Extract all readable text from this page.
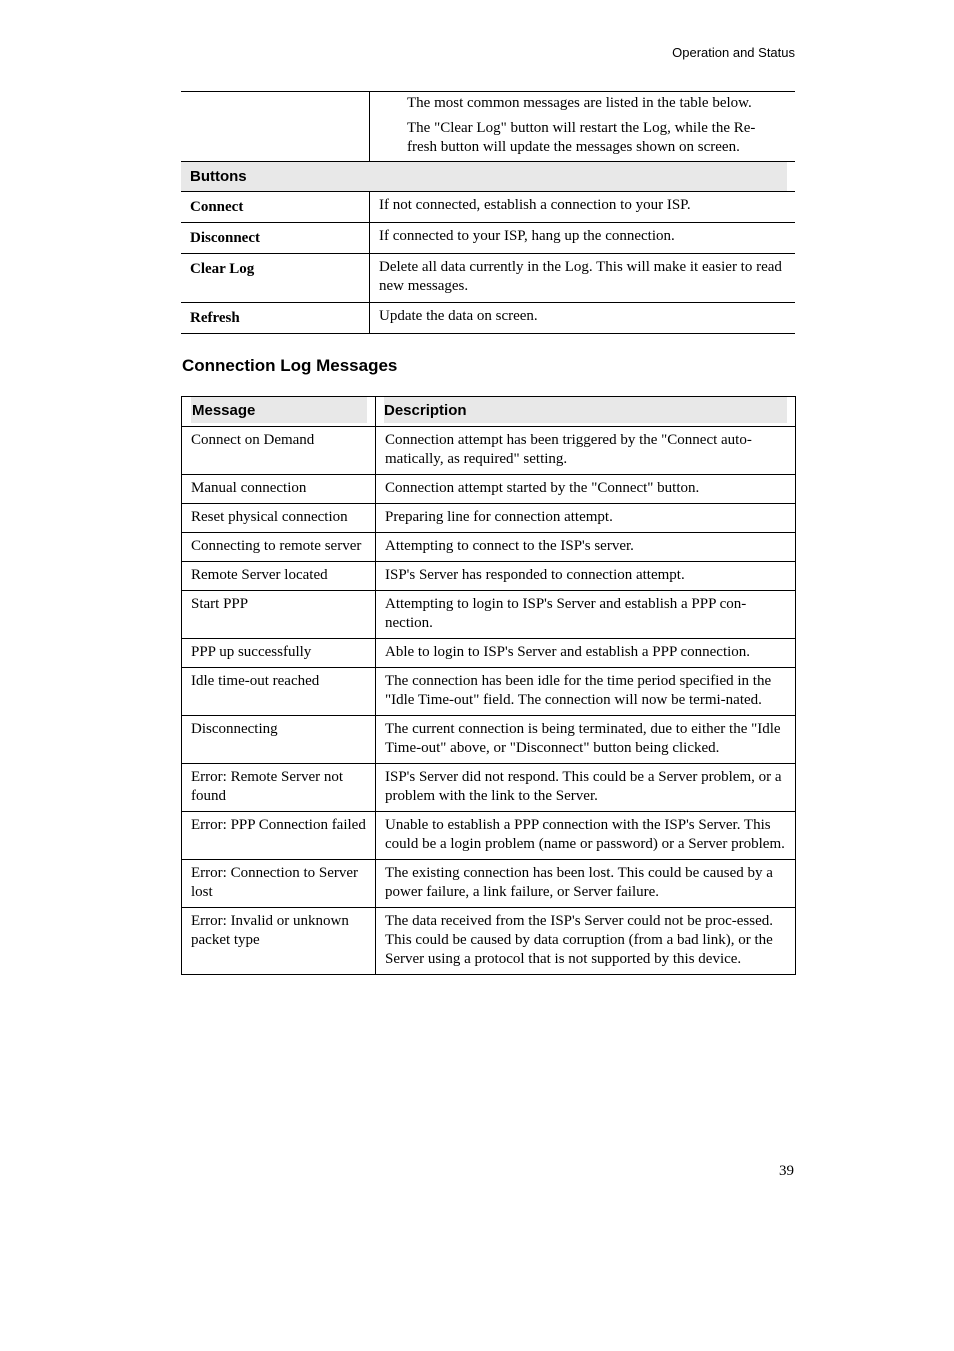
Operation and Status

	The most common messages are listed in the table below.

The "Clear Log" button will restart the Log, while the Re-fresh button will update the messages shown on screen.

Buttons	

Connect	If not connected, establish a connection to your ISP.
Disconnect	If connected to your ISP, hang up the connection.
Clear Log	Delete all data currently in the Log. This will make it easier to read new messages.
Refresh	Update the data on screen.
Connection Log Messages
Message	Description

Connect on Demand	Connection attempt has been triggered by the "Connect auto-matically, as required" setting.
Manual connection	Connection attempt started by the "Connect" button.
Reset physical connection	Preparing line for connection attempt.
Connecting to remote server	Attempting to connect to the ISP's server.
Remote Server located	ISP's Server has responded to connection attempt.
Start PPP	Attempting to login to ISP's Server and establish a PPP con-nection.
PPP up successfully	Able to login to ISP's Server and establish a PPP connection.
Idle time-out reached	The connection has been idle for the time period specified in the "Idle Time-out" field. The connection will now be termi-nated.
Disconnecting	The current connection is being terminated, due to either the "Idle Time-out" above, or "Disconnect" button being clicked.
Error: Remote Server not found	ISP's Server did not respond. This could be a Server problem, or a problem with the link to the Server.
Error: PPP Connection failed	Unable to establish a PPP connection with the ISP's Server. This could be a login problem (name or password) or a Server problem.
Error: Connection to Server lost	The existing connection has been lost. This could be caused by a power failure, a link failure, or Server failure.
Error: Invalid or unknown packet type	The data received from the ISP's Server could not be proc-essed. This could be caused by data corruption (from a bad link), or the Server using a protocol that is not supported by this device.
39
